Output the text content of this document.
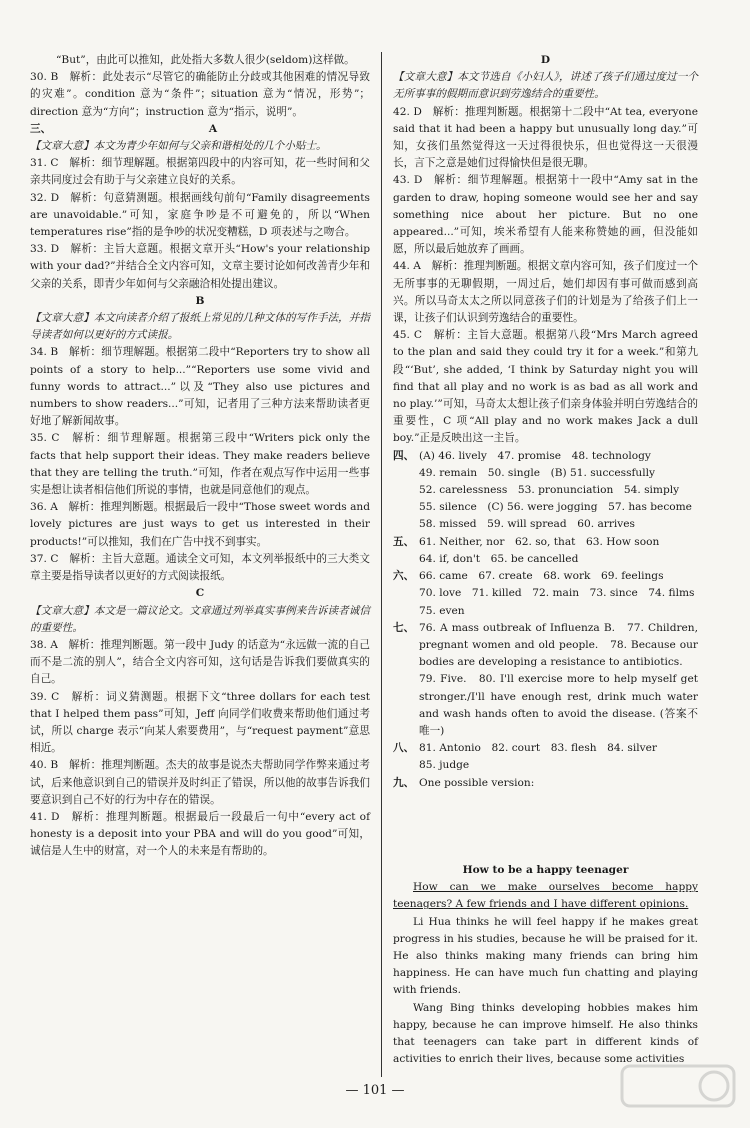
“But”，由此可以推知，此处指大多数人很少(seldom)这样做。

30. B　解析：此处表示“尽管它的确能防止分歧或其他困难的情况导致的灾难”。condition 意为“条件”；situation 意为“情况，形势”；direction 意为“方向”；instruction 意为“指示，说明”。

三、	A

【文章大意】本文为青少年如何与父亲和谐相处的几个小贴士。

31. C　解析：细节理解题。根据第四段中的内容可知，花一些时间和父亲共同度过会有助于与父亲建立良好的关系。

32. D　解析：句意猜测题。根据画线句前句“Family disagreements are unavoidable.”可知，家庭争吵是不可避免的，所以“When temperatures rise”指的是争吵的状况变糟糕，D 项表述与之吻合。

33. D　解析：主旨大意题。根据文章开头“How's your relationship with your dad?”并结合全文内容可知，文章主要讨论如何改善青少年和父亲的关系，即青少年如何与父亲融洽相处提出建议。

B

【文章大意】本文向读者介绍了报纸上常见的几种文体的写作手法，并指导读者如何以更好的方式读报。

34. B　解析：细节理解题。根据第二段中“Reporters try to show all points of a story to help...”“Reporters use some vivid and funny words to attract...”以及“They also use pictures and numbers to show readers...”可知，记者用了三种方法来帮助读者更好地了解新闻故事。

35. C　解析：细节理解题。根据第三段中“Writers pick only the facts that help support their ideas. They make readers believe that they are telling the truth.”可知，作者在观点写作中运用一些事实是想让读者相信他们所说的事情，也就是同意他们的观点。

36. A　解析：推理判断题。根据最后一段中“Those sweet words and lovely pictures are just ways to get us interested in their products!”可以推知，我们在广告中找不到事实。

37. C　解析：主旨大意题。通读全文可知，本文列举报纸中的三大类文章主要是指导读者以更好的方式阅读报纸。

C

【文章大意】本文是一篇议论文。文章通过列举真实事例来告诉读者诚信的重要性。

38. A　解析：推理判断题。第一段中 Judy 的话意为“永远做一流的自己而不是二流的别人”，结合全文内容可知，这句话是告诉我们要做真实的自己。

39. C　解析：词义猜测题。根据下文“three dollars for each test that I helped them pass”可知，Jeff 向同学们收费来帮助他们通过考试，所以 charge 表示“向某人索要费用”，与“request payment”意思相近。

40. B　解析：推理判断题。杰夫的故事是说杰夫帮助同学作弊来通过考试，后来他意识到自己的错误并及时纠正了错误，所以他的故事告诉我们要意识到自己不好的行为中存在的错误。

41. D　解析：推理判断题。根据最后一段最后一句中“every act of honesty is a deposit into your PBA and will do you good”可知，诚信是人生中的财富，对一个人的未来是有帮助的。

D

【文章大意】本文节选自《小妇人》，讲述了孩子们通过度过一个无所事事的假期而意识到劳逸结合的重要性。

42. D　解析：推理判断题。根据第十二段中“At tea, everyone said that it had been a happy but unusually long day.”可知，女孩们虽然觉得这一天过得很快乐，但也觉得这一天很漫长，言下之意是她们过得愉快但是很无聊。

43. D　解析：细节理解题。根据第十一段中“Amy sat in the garden to draw, hoping someone would see her and say something nice about her picture. But no one appeared...”可知，埃米希望有人能来称赞她的画，但没能如愿，所以最后她放弃了画画。

44. A　解析：推理判断题。根据文章内容可知，孩子们度过一个无所事事的无聊假期，一周过后，她们却因有事可做而感到高兴。所以马奇太太之所以同意孩子们的计划是为了给孩子们上一课，让孩子们认识到劳逸结合的重要性。

45. C　解析：主旨大意题。根据第八段“Mrs March agreed to the plan and said they could try it for a week.”和第九段“‘But’, she added, ‘I think by Saturday night you will find that all play and no work is as bad as all work and no play.’”可知，马奇太太想让孩子们亲身体验并明白劳逸结合的重要性，C 项“All play and no work makes Jack a dull boy.”正是反映出这一主旨。

四、 (A) 46. lively　47. promise　48. technology

49. remain　50. single　(B) 51. successfully

52. carelessness　53. pronunciation　54. simply

55. silence　(C) 56. were jogging　57. has become

58. missed　59. will spread　60. arrives

五、 61. Neither, nor　62. so, that　63. How soon

64. if, don't　65. be cancelled

六、 66. came　67. create　68. work　69. feelings

70. love　71. killed　72. main　73. since　74. films

75. even

七、 76. A mass outbreak of Influenza B.　77. Children, pregnant women and old people.　78. Because our bodies are developing a resistance to antibiotics.

79. Five.　80. I'll exercise more to help myself get stronger./I'll have enough rest, drink much water and wash hands often to avoid the disease. (答案不唯一)

八、 81. Antonio　82. court　83. flesh　84. silver

85. judge

九、 One possible version:

How to be a happy teenager

How can we make ourselves become happy teenagers? A few friends and I have different opinions.

Li Hua thinks he will feel happy if he makes great progress in his studies, because he will be praised for it. He also thinks making many friends can bring him happiness. He can have much fun chatting and playing with friends.

Wang Bing thinks developing hobbies makes him happy, because he can improve himself. He also thinks that teenagers can take part in different kinds of activities to enrich their lives, because some activities

— 101 —
